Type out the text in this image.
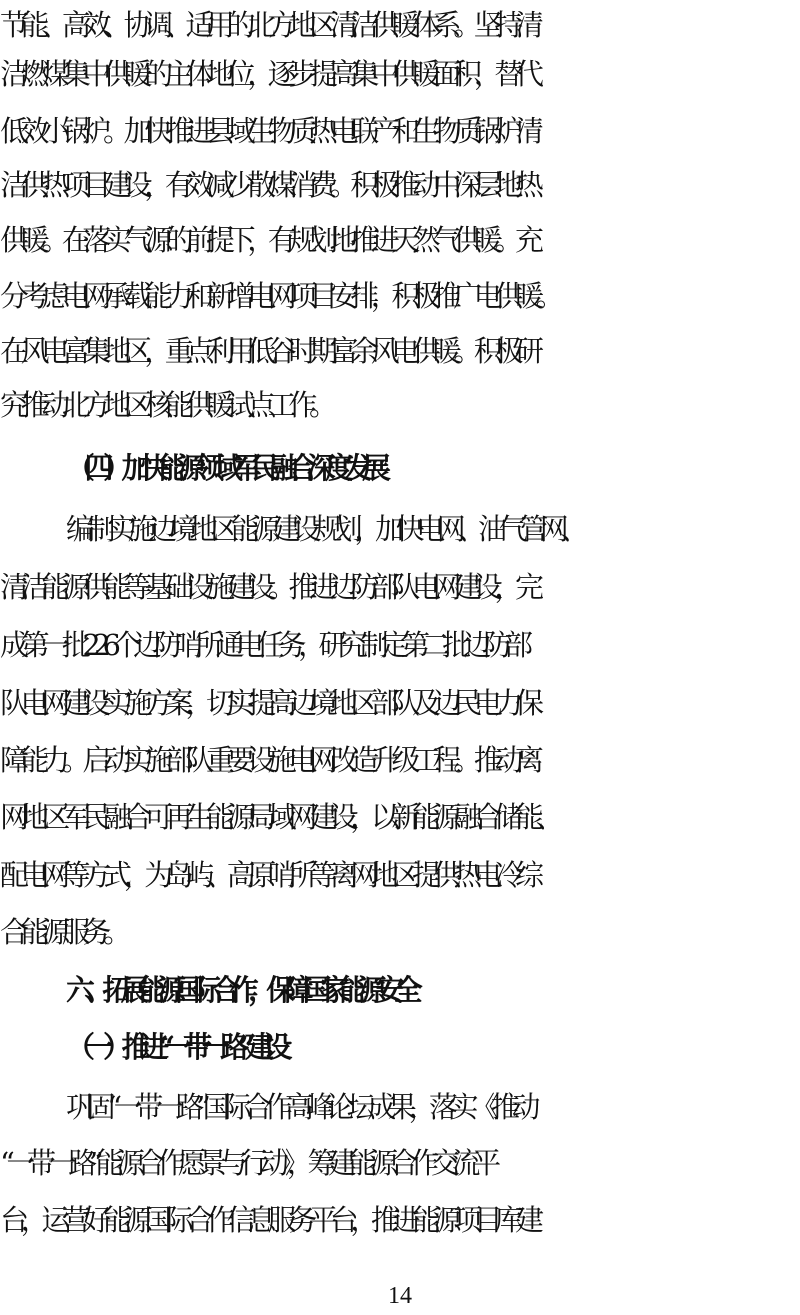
节能、高效、协调、适用的北方地区清洁供暖体系。坚持清
洁燃煤集中供暖的主体地位，逐步提高集中供暖面积，替代
低效小锅炉。加快推进县域生物质热电联产和生物质锅炉清
洁供热项目建设，有效减少散煤消费。积极推动中深层地热
供暖。在落实气源的前提下，有规划地推进天然气供暖。充
分考虑电网承载能力和新增电网项目安排，积极推广电供暖。
在风电富集地区，重点利用低谷时期富余风电供暖。积极研
究推动北方地区核能供暖试点工作。
（四）加快能源领域军民融合深度发展
编制实施边境地区能源建设规划，加快电网、油气管网、
清洁能源供能等基础设施建设。推进边防部队电网建设，完
成第一批226个边防哨所通电任务，研究制定第二批边防部
队电网建设实施方案，切实提高边境地区部队及边民电力保
障能力。启动实施部队重要设施电网改造升级工程。推动离
网地区军民融合可再生能源局域网建设，以新能源融合储能、
配电网等方式，为岛屿、高原哨所等离网地区提供热电冷综
合能源服务。
六、拓展能源国际合作，保障国家能源安全
（一）推进“一带一路”建设
巩固“一带一路”国际合作高峰论坛成果，落实《推动
“一带一路”能源合作愿景与行动》，筹建能源合作交流平
台，运营好能源国际合作信息服务平台，推进能源项目库建
14
